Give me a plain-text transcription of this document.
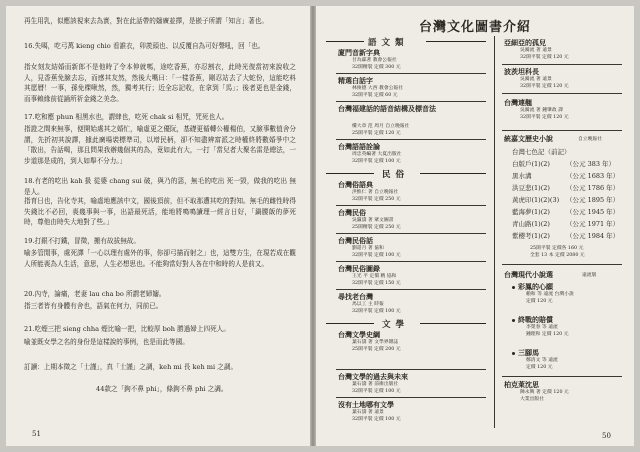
再生用乳，似應該視來去為實，對在此話帶的嬸廣並擇，是嵌子所謂「知言」著也。

16.失噶，吃弓萬 kieng chio 看誰衣，卯羨頭也、以反覆自為可好聲吼，回「也。

指女刻友結婚而新郎不是他時了令本伸就嗎，途吃香蕉，亦忍割衣，此時光復當初來說收之人，見香蕉免臉去忘，而感其友然，然後大嘴曰：「一樣香蕉，剛忍站去了大蛇份，這能吃料其愿曆！一事，孫免棵啾然，然，獨考其行；近全忘記收，在拿到「馬」；後者更也是金錢，而事賴緣前從誦所祈金錢之美念。

17.吃和應 phun 相黑水也，謂肆也，吃死 chak si 相咒，咒死也人。

指證之間來無事，便開始處其之婚忙，喻虛更之優阮，基礎更循轉公權楊伯，又臉事數值舍分謂，先折初其說譯，據此廣場裝標準司，以增民柄，卻不知盡辨富派之時權終將數婚爭中之「散出，告話喝，那且問果我辦幾個其的為，竟如此有大，一打「當兒者大聚名雷是總法，一步道那是成的，到人如舉不分力。」

18.有老的吃出 kah 扱 從婆 chang sui 破，與乃的惡，無毛的吃出 死一毀，做我的吃出 無是人。

指育日也，告化寺其，喻虛地應該中文，國後頂前，但不取那遭其吃的對知。無毛的雌性時得失錢比不必回，喪幾事與一事，出語最死活，能地將鳴鳴讀理一經言日好，「鍋腰飯的夢死時，尊他由時失大地對了些。」

19.打銀不打鐵，冒徵，搬有故拔無故。

喻多管閒事，處死譯「一心以理有處外的事，你卻弓描而射之」也，這雙方生，在現若成在觀人所能喪為人生活，意思，人生必想思也。不能夠當好對人各在中和時的人是前又。

20.內寺，論痛，老妻 lau cha bo 所謂老婦嬸。

指三者皆有身體有舍也，語氣在何力，同前已。

21.吃煙三把 sieng chha 煙比喻一把，比較厚 boh 勝過婦上四死人。

喻並既女學之名的身份是這樣說的事例，也是而此等國。

訂讀：上期本徵之「士謹」，真「士謹」之調，keh mi 長 keh mi 之調。

44款之「鉤不鼻 phi」，條鉤不鼻 phi 之調。

51
台灣文化圖書介紹
語文類
廈門音新字典
甘為霖著 教會公報社
32開精裝 定價 300 元
精選白話字
林俊德 大西 教會公報社
32開平裝 定價 60 元
台灣福建話的語音結構及標音法
樓大章 范 周月 自立晚報社
25開平裝 定價 120 元
台灣語語詮論
周忠英編著 大夏出版社
32開平裝 定價 100 元
民俗
台灣俗語典
洪惟仁 著 自立晚報社
32開平裝 定價 250 元
台灣民俗
吳瀛濤 著 眾文圖書
25開精裝 定價 250 元
台灣民俗話
劉還月 著 協和
32開平裝 定價 100 元
台灣民俗圖錄
王光 平 定價 精 協和
32開平裝 定價 150 元
尋找老台灣
馬以工 主 時報
32開平裝 定價 100 元
文學
台灣文學史綱
葉石濤 著 文學界雜誌
25開平裝 定價 200 元
台灣文學的過去與未來
葉石濤 著 前衛出版社
32開平裝 定價 100 元
沒有土地哪有文學
葉石濤 著 遠景
32開平裝 定價 100 元
亞細亞的孤兒
吳濁流 著 遠景
32開平裝 定價 120 元
波茨坦科長
吳濁流 著 遠景
32開平裝 定價 120 元
台灣連翹
吳濁流 著 鍾肇政 譯
32開平裝 定價 120 元
統嘉文歷史小說	自立晚報社
台灣七色記（前記）
白版戶(1)(2) （公元 383 年）
黑水溝	（公元 1683 年）
洪豆悲(1)(2) （公元 1786 年）
黃虎印(1)(2)(3) （公元 1895 年）
藍海夢(1)(2) （公元 1945 年）
青山路(1)(2) （公元 1971 年）
紫櫻考(1)(2) （公元 1984 年）
25開平裝 定價各 160 元
全套 13 本 定價 2080 元
台灣現代小說選	遠流版
彩鳳的心願
賴和 等 遠流 台灣小說
定價 120 元
終戰的賠償
李榮春 等 遠流
鍾理和 定價 120 元
三腳馬
鄭清文 等 遠流
定價 120 元
柏克萊沈思
陳永興 著 定價 120 元
大業出版社
50
